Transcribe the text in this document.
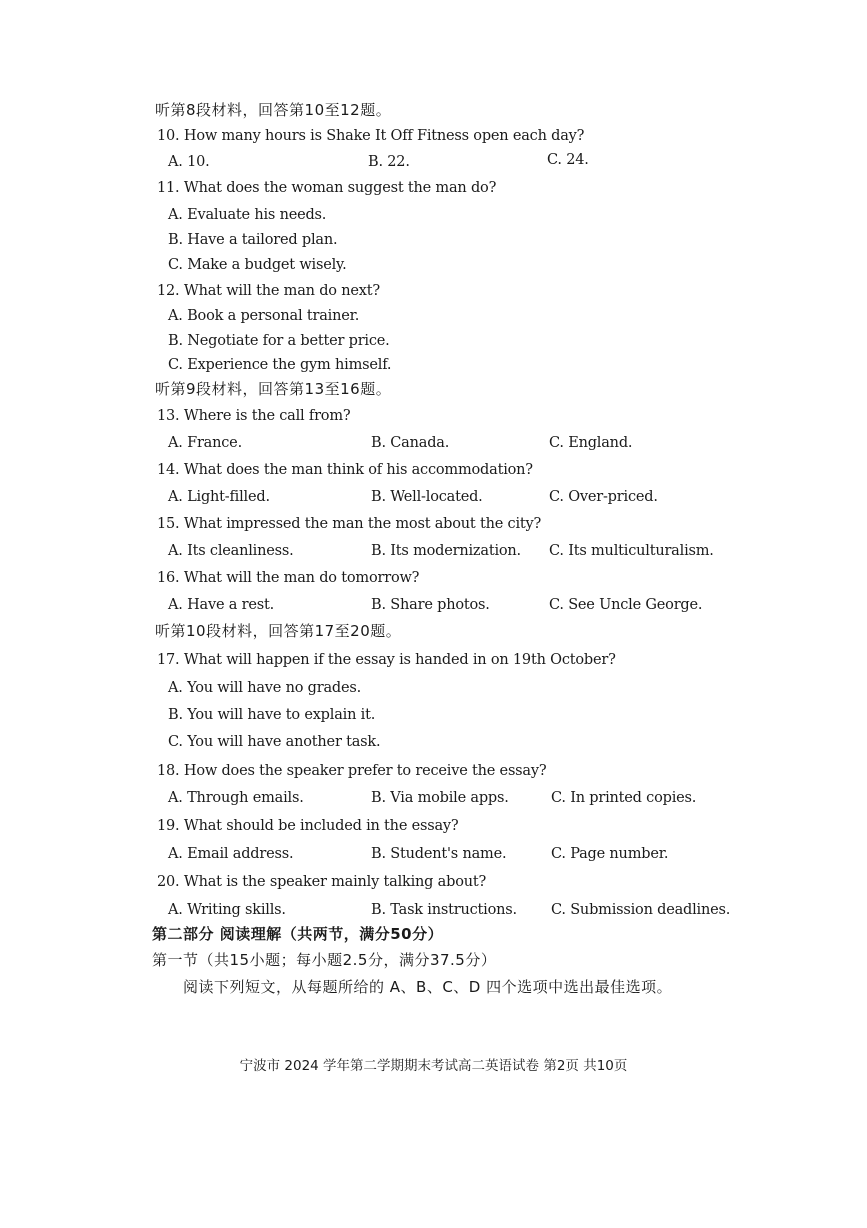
听第8段材料，回答第10至12题。
10. How many hours is Shake It Off Fitness open each day?
A. 10.	B. 22.	C. 24.
11. What does the woman suggest the man do?
A. Evaluate his needs.
B. Have a tailored plan.
C. Make a budget wisely.
12. What will the man do next?
A. Book a personal trainer.
B. Negotiate for a better price.
C. Experience the gym himself.
听第9段材料，回答第13至16题。
13. Where is the call from?
A. France.	B. Canada.	C. England.
14. What does the man think of his accommodation?
A. Light-filled.	B. Well-located.	C. Over-priced.
15. What impressed the man the most about the city?
A. Its cleanliness.	B. Its modernization. C. Its multiculturalism.
16. What will the man do tomorrow?
A. Have a rest.	B. Share photos.	C. See Uncle George.
听第10段材料，回答第17至20题。
17. What will happen if the essay is handed in on 19th October?
A. You will have no grades.
B. You will have to explain it.
C. You will have another task.
18. How does the speaker prefer to receive the essay?
A. Through emails.	B. Via mobile apps.	C. In printed copies.
19. What should be included in the essay?
A. Email address.	B. Student's name.	C. Page number.
20. What is the speaker mainly talking about?
A. Writing skills.	B. Task instructions. C. Submission deadlines.
第二部分 阅读理解（共两节，满分50分）
第一节（共15小题；每小题2.5分，满分37.5分）
阅读下列短文，从每题所给的 A、B、C、D 四个选项中选出最佳选项。
宁波市 2024 学年第二学期期末考试高二英语试卷 第2页 共10页
